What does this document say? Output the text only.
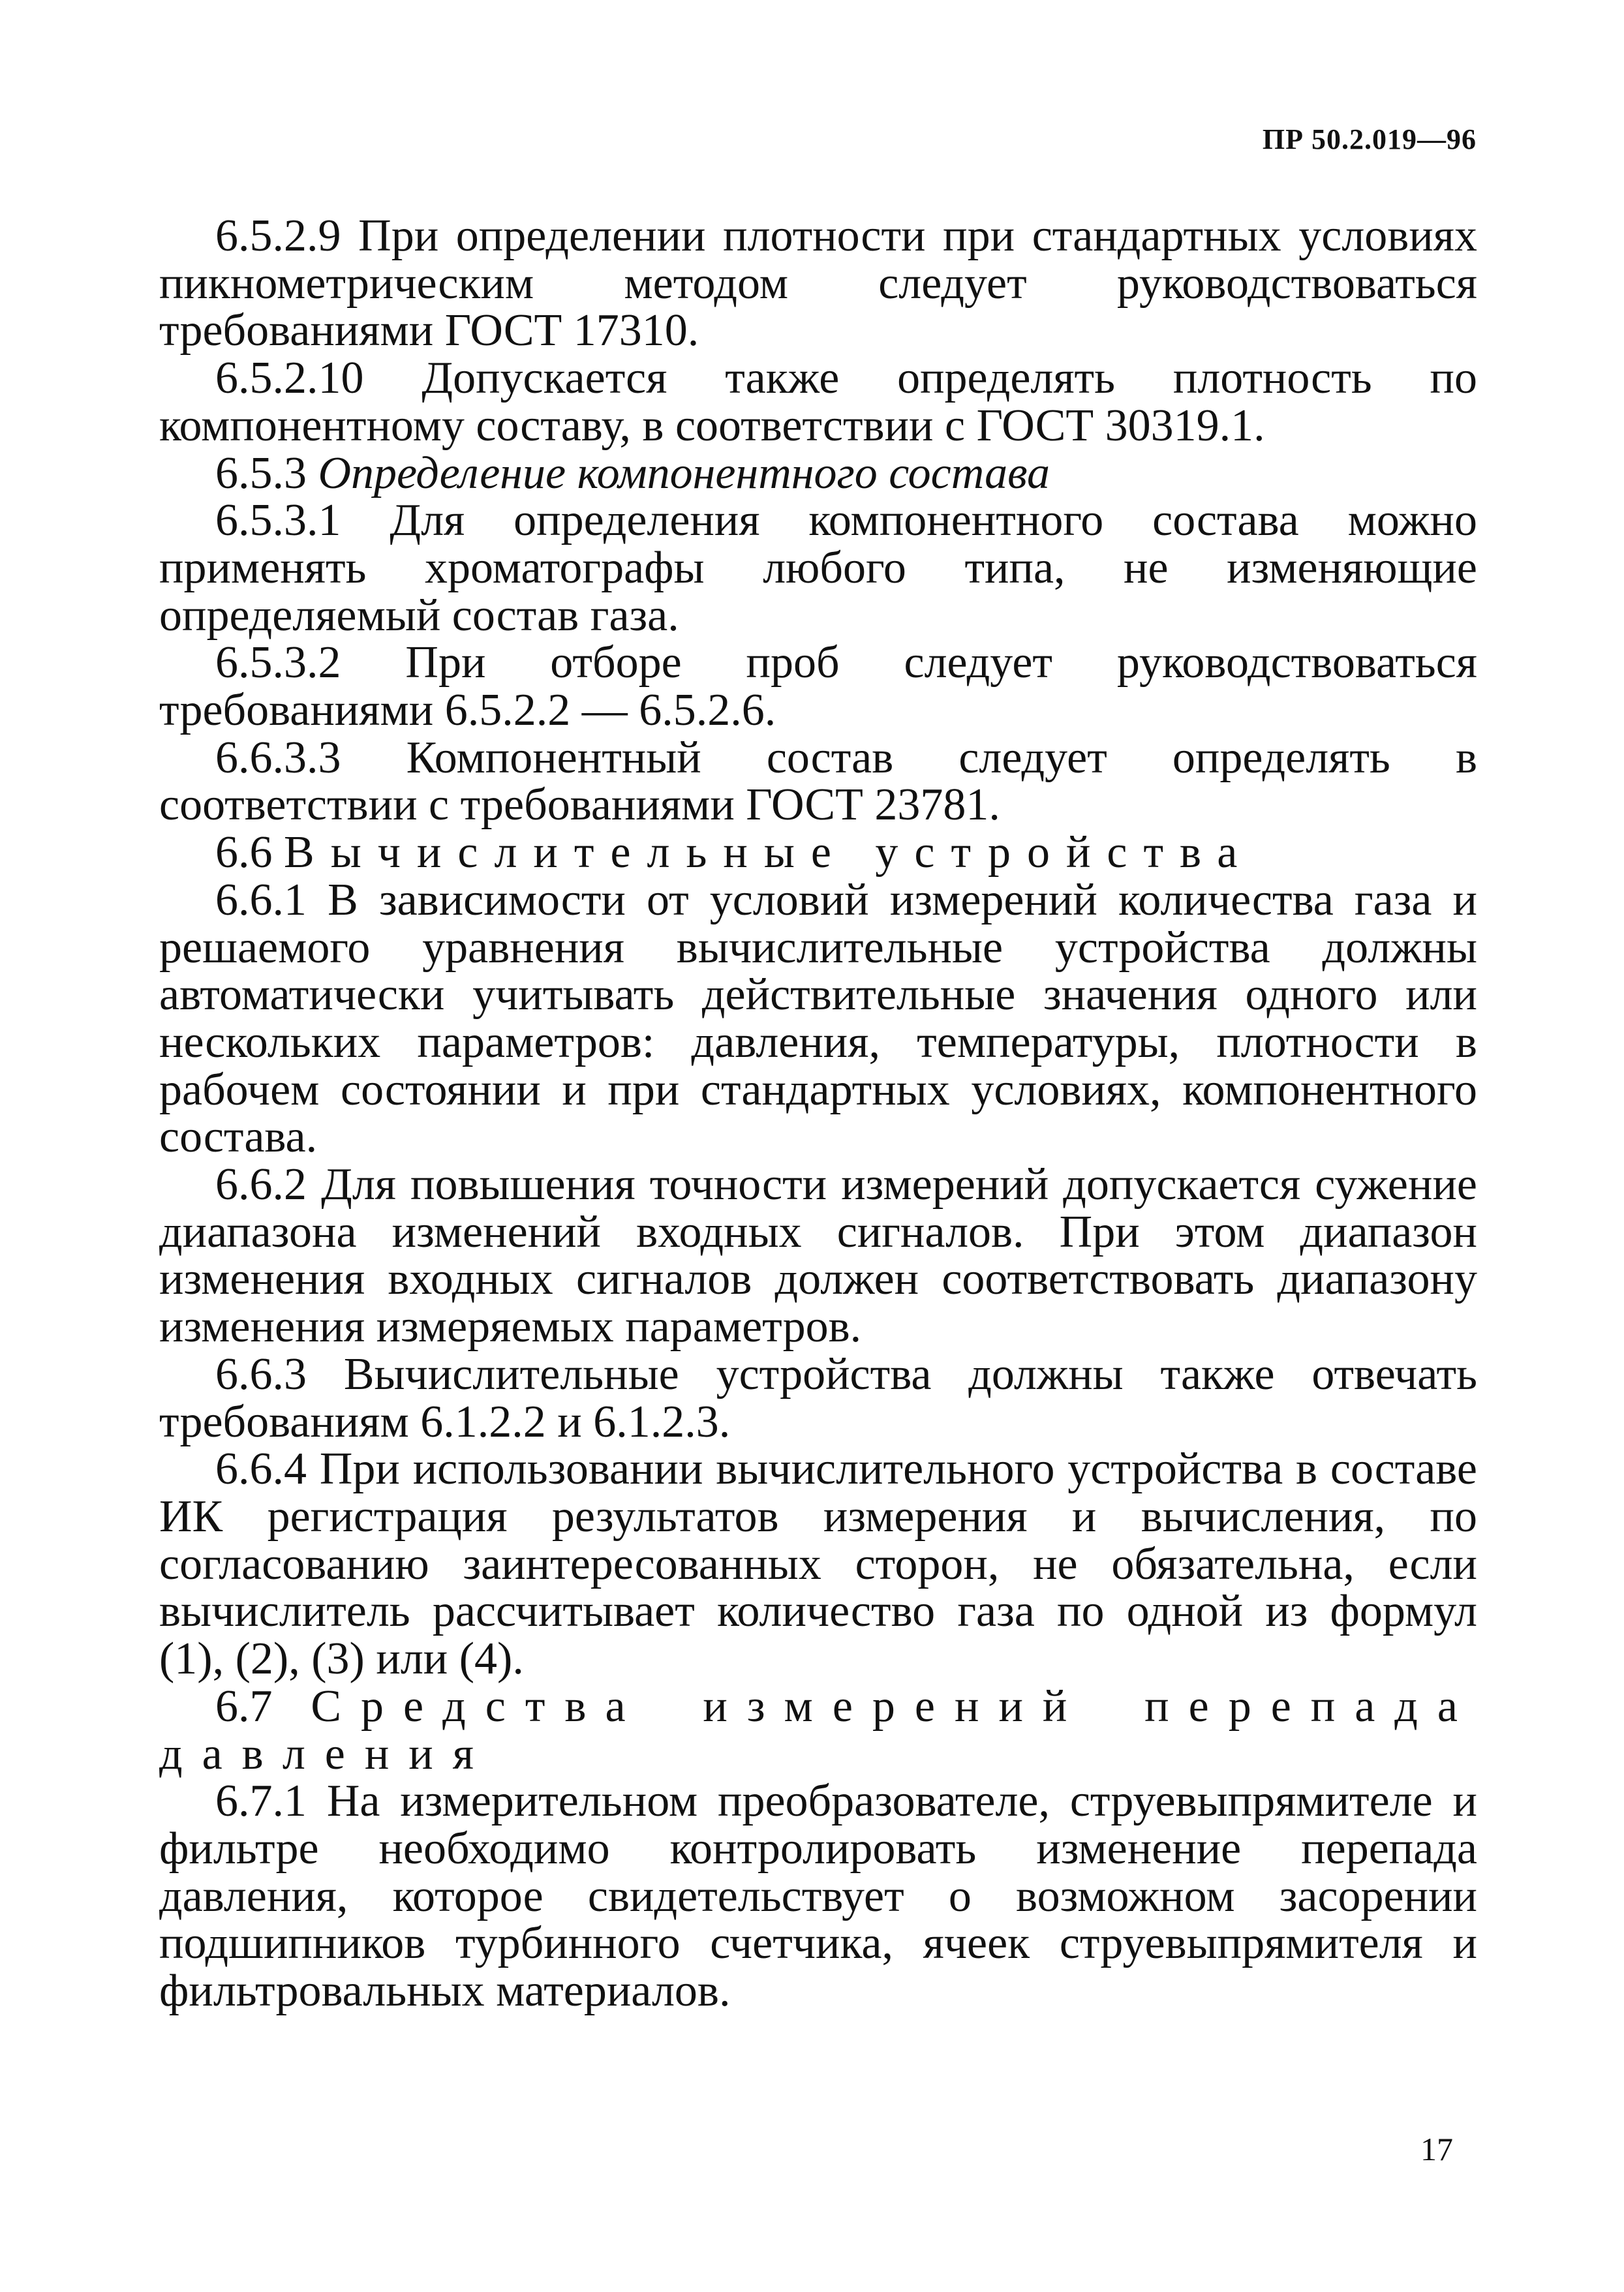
ПР 50.2.019—96

6.5.2.9 При определении плотности при стандартных условиях пикнометрическим методом следует руководствоваться требованиями ГОСТ 17310.

6.5.2.10 Допускается также определять плотность по компонентному составу, в соответствии с ГОСТ 30319.1.

6.5.3 Определение компонентного состава

6.5.3.1 Для определения компонентного состава можно применять хроматографы любого типа, не изменяющие определяемый состав газа.

6.5.3.2 При отборе проб следует руководствоваться требованиями 6.5.2.2 — 6.5.2.6.

6.6.3.3 Компонентный состав следует определять в соответствии с требованиями ГОСТ 23781.

6.6 Вычислительные устройства

6.6.1 В зависимости от условий измерений количества газа и решаемого уравнения вычислительные устройства должны автоматически учитывать действительные значения одного или нескольких параметров: давления, температуры, плотности в рабочем состоянии и при стандартных условиях, компонентного состава.

6.6.2 Для повышения точности измерений допускается сужение диапазона изменений входных сигналов. При этом диапазон изменения входных сигналов должен соответствовать диапазону изменения измеряемых параметров.

6.6.3 Вычислительные устройства должны также отвечать требованиям 6.1.2.2 и 6.1.2.3.

6.6.4 При использовании вычислительного устройства в составе ИК регистрация результатов измерения и вычисления, по согласованию заинтересованных сторон, не обязательна, если вычислитель рассчитывает количество газа по одной из формул (1), (2), (3) или (4).

6.7 Средства измерений перепада давления

6.7.1 На измерительном преобразователе, струевыпрямителе и фильтре необходимо контролировать изменение перепада давления, которое свидетельствует о возможном засорении подшипников турбинного счетчика, ячеек струевыпрямителя и фильтровальных материалов.

17
